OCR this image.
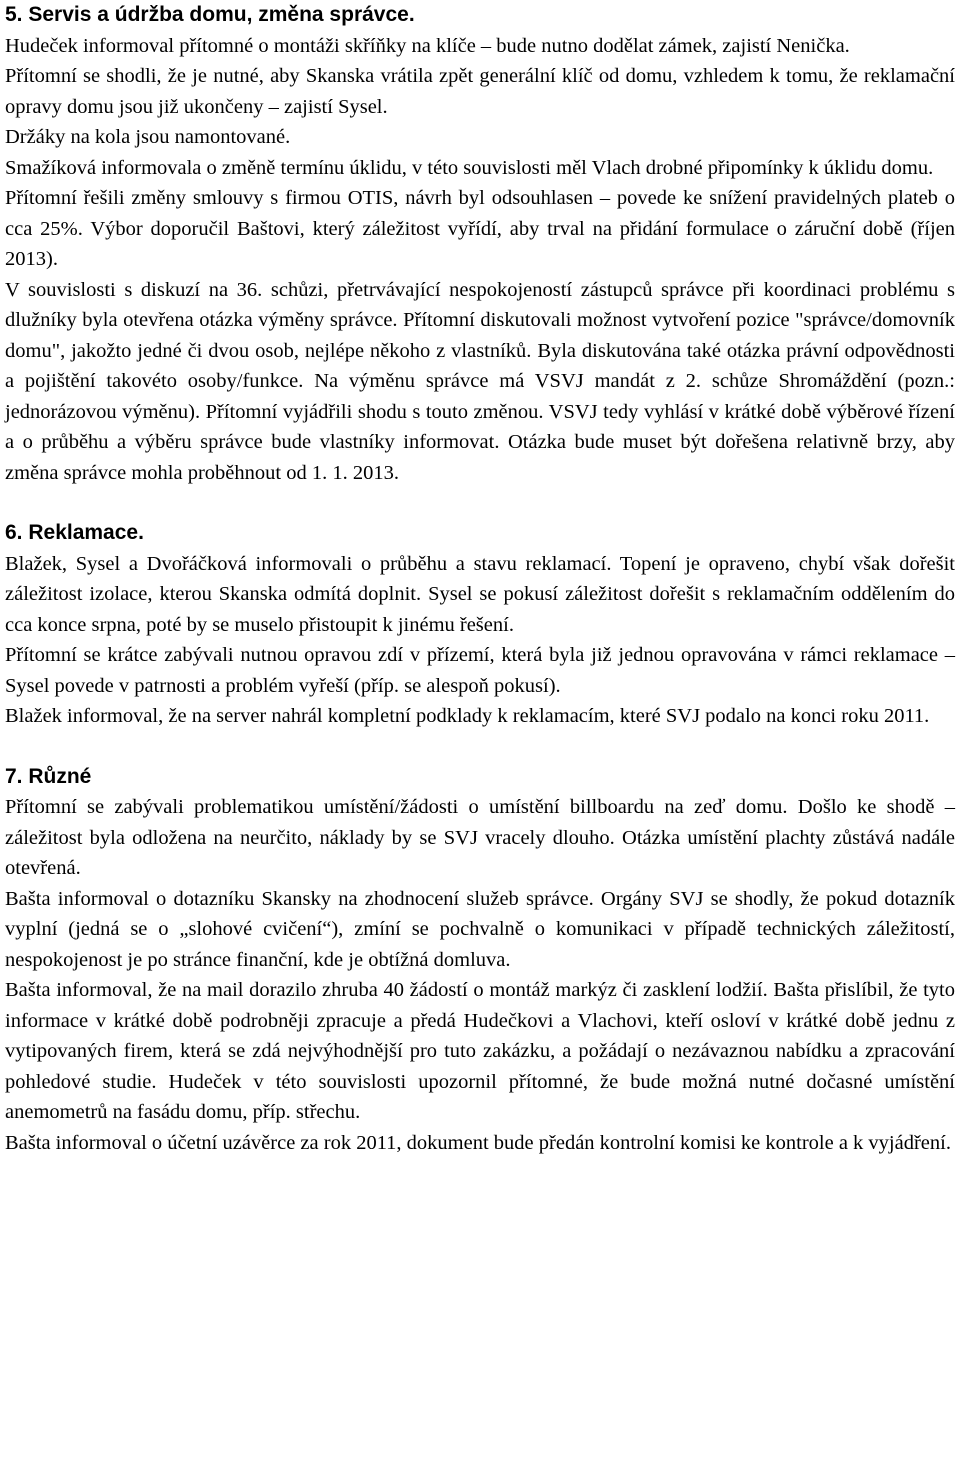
5. Servis a údržba domu, změna správce.

Hudeček informoval přítomné o montáži skříňky na klíče – bude nutno dodělat zámek, zajistí Nenička.

Přítomní se shodli, že je nutné, aby Skanska vrátila zpět generální klíč od domu, vzhledem k tomu, že reklamační opravy domu jsou již ukončeny – zajistí Sysel.

Držáky na kola jsou namontované.

Smažíková informovala o změně termínu úklidu, v této souvislosti měl Vlach drobné připomínky k úklidu domu.

Přítomní řešili změny smlouvy s firmou OTIS, návrh byl odsouhlasen – povede ke snížení pravidelných plateb o cca 25%. Výbor doporučil Baštovi, který záležitost vyřídí, aby trval na přidání formulace o záruční době (říjen 2013).

V souvislosti s diskuzí na 36. schůzi, přetrvávající nespokojeností zástupců správce při koordinaci problému s dlužníky byla otevřena otázka výměny správce. Přítomní diskutovali možnost vytvoření pozice "správce/domovník domu", jakožto jedné či dvou osob, nejlépe někoho z vlastníků. Byla diskutována také otázka právní odpovědnosti a pojištění takovéto osoby/funkce. Na výměnu správce má VSVJ mandát z 2. schůze Shromáždění (pozn.: jednorázovou výměnu). Přítomní vyjádřili shodu s touto změnou. VSVJ tedy vyhlásí v krátké době výběrové řízení a o průběhu a výběru správce bude vlastníky informovat. Otázka bude muset být dořešena relativně brzy, aby změna správce mohla proběhnout od 1. 1. 2013.

6. Reklamace.

Blažek, Sysel a Dvořáčková informovali o průběhu a stavu reklamací. Topení je opraveno, chybí však dořešit záležitost izolace, kterou Skanska odmítá doplnit. Sysel se pokusí záležitost dořešit s reklamačním oddělením do cca konce srpna, poté by se muselo přistoupit k jinému řešení.

Přítomní se krátce zabývali nutnou opravou zdí v přízemí, která byla již jednou opravována v rámci reklamace – Sysel povede v patrnosti a problém vyřeší (příp. se alespoň pokusí).

Blažek informoval, že na server nahrál kompletní podklady k reklamacím, které SVJ podalo na konci roku 2011.

7. Různé

Přítomní se zabývali problematikou umístění/žádosti o umístění billboardu na zeď domu. Došlo ke shodě – záležitost byla odložena na neurčito, náklady by se SVJ vracely dlouho. Otázka umístění plachty zůstává nadále otevřená.

Bašta informoval o dotazníku Skansky na zhodnocení služeb správce. Orgány SVJ se shodly, že pokud dotazník vyplní (jedná se o „slohové cvičení“), zmíní se pochvalně o komunikaci v případě technických záležitostí, nespokojenost je po stránce finanční, kde je obtížná domluva.

Bašta informoval, že na mail dorazilo zhruba 40 žádostí o montáž markýz či zasklení lodžií. Bašta přislíbil, že tyto informace v krátké době podrobněji zpracuje a předá Hudečkovi a Vlachovi, kteří osloví v krátké době jednu z vytipovaných firem, která se zdá nejvýhodnější pro tuto zakázku, a požádají o nezávaznou nabídku a zpracování pohledové studie. Hudeček v této souvislosti upozornil přítomné, že bude možná nutné dočasné umístění anemometrů na fasádu domu, příp. střechu.

Bašta informoval o účetní uzávěrce za rok 2011, dokument bude předán kontrolní komisi ke kontrole a k vyjádření.
